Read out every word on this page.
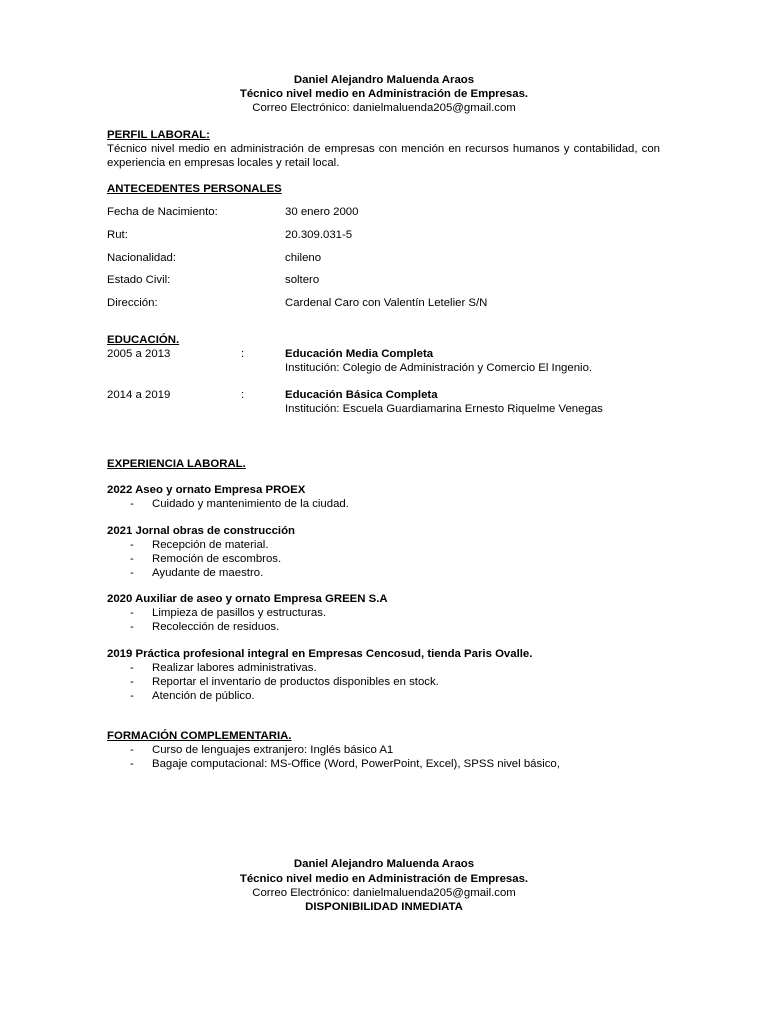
Daniel Alejandro Maluenda Araos
Técnico nivel medio en Administración de Empresas.
Correo Electrónico: danielmaluenda205@gmail.com
PERFIL LABORAL:
Técnico nivel medio en administración de empresas con mención en recursos humanos y contabilidad, con experiencia en empresas locales y retail local.
ANTECEDENTES PERSONALES
Fecha de Nacimiento:	30 enero 2000
Rut:	20.309.031-5
Nacionalidad:	chileno
Estado Civil:	soltero
Dirección:	Cardenal Caro con Valentín Letelier S/N
EDUCACIÓN.
2005 a 2013	:	Educación Media Completa
Institución: Colegio de Administración y Comercio El Ingenio.
2014 a 2019	:	Educación Básica Completa
Institución: Escuela Guardiamarina Ernesto Riquelme Venegas
EXPERIENCIA LABORAL.
2022 Aseo y ornato Empresa PROEX
- Cuidado y mantenimiento de la ciudad.
2021 Jornal obras de construcción
- Recepción de material.
- Remoción de escombros.
- Ayudante de maestro.
2020 Auxiliar de aseo y ornato Empresa GREEN S.A
- Limpieza de pasillos y estructuras.
- Recolección de residuos.
2019 Práctica profesional integral en Empresas Cencosud, tienda Paris Ovalle.
- Realizar labores administrativas.
- Reportar el inventario de productos disponibles en stock.
- Atención de público.
FORMACIÓN COMPLEMENTARIA.
- Curso de lenguajes extranjero: Inglés básico A1
- Bagaje computacional: MS-Office (Word, PowerPoint, Excel), SPSS nivel básico,
Daniel Alejandro Maluenda Araos
Técnico nivel medio en Administración de Empresas.
Correo Electrónico: danielmaluenda205@gmail.com
DISPONIBILIDAD INMEDIATA
